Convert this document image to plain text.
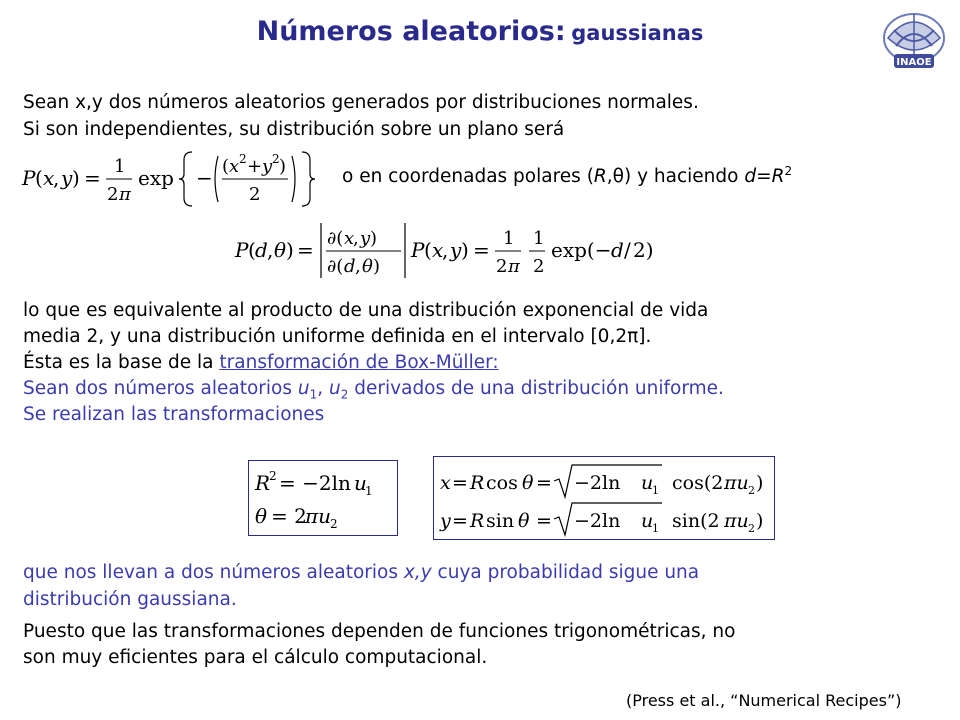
Números aleatorios: gaussianas
INAOE
Sean x,y dos números aleatorios generados por distribuciones normales.
Si son independientes, su distribución sobre un plano será
P ( x
, y ) = 1
2 π
exp − ( x 2 + y 2 )
2
o en coordenadas polares (R,θ) y haciendo $d=R^2$
P ( d , θ ) = ∂( x
, y )
∂( d , θ )
P ( x
, y ) = 1
2 π
1
2
exp(− d / 2)
lo que es equivalente al producto de una distribución exponencial de vida
media 2, y una distribución uniforme definida en el intervalo [0,2π].
Ésta es la base de la transformación de Box-Müller:
Sean dos números aleatorios $u_1$, $u_2$ derivados de una distribución uniforme.
Se realizan las transformaciones
R
2 = −2ln u
1
θ = 2
πu
2
x = R cos θ = −2ln u
1 cos(2 πu 2 )
y = R sin θ = −2ln u
1 sin(2 πu 2 )
que nos llevan a dos números aleatorios x,y cuya probabilidad sigue una
distribución gaussiana.
Puesto que las transformaciones dependen de funciones trigonométricas, no
son muy eficientes para el cálculo computacional.
(Press et al., “Numerical Recipes”)
